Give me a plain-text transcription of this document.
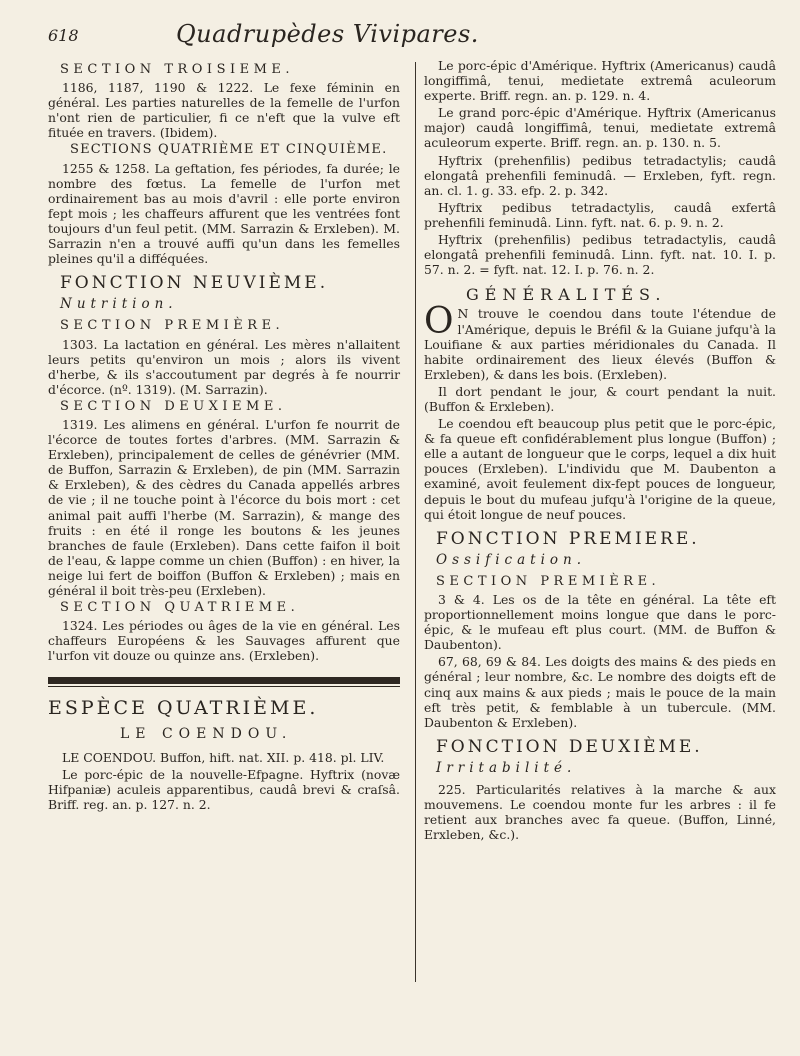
618	Quadrupèdes Vivipares.
SECTION TROISIEME.

1186, 1187, 1190 & 1222. Le fexe féminin en général. Les parties naturelles de la femelle de l'urfon n'ont rien de particulier, fi ce n'eft que la vulve eft fituée en travers. (Ibidem).

SECTIONS QUATRIÈME ET CINQUIÈME.

1255 & 1258. La geftation, fes périodes, fa durée; le nombre des fœtus. La femelle de l'urfon met ordinairement bas au mois d'avril : elle porte environ fept mois ; les chaffeurs affurent que les ventrées font toujours d'un feul petit. (MM. Sarrazin & Erxleben). M. Sarrazin n'en a trouvé auffi qu'un dans les femelles pleines qu'il a difféquées.

FONCTION NEUVIÈME.
Nutrition.
SECTION PREMIÈRE.

1303. La lactation en général. Les mères n'allaitent leurs petits qu'environ un mois ; alors ils vivent d'herbe, & ils s'accoutument par degrés à fe nourrir d'écorce. (nº. 1319). (M. Sarrazin).

SECTION DEUXIEME.

1319. Les alimens en général. L'urfon fe nourrit de l'écorce de toutes fortes d'arbres. (MM. Sarrazin & Erxleben), principalement de celles de génévrier (MM. de Buffon, Sarrazin & Erxleben), de pin (MM. Sarrazin & Erxleben), & des cèdres du Canada appellés arbres de vie ; il ne touche point à l'écorce du bois mort : cet animal pait auffi l'herbe (M. Sarrazin), & mange des fruits : en été il ronge les boutons & les jeunes branches de faule (Erxleben). Dans cette faifon il boit de l'eau, & lappe comme un chien (Buffon) : en hiver, la neige lui fert de boiffon (Buffon & Erxleben) ; mais en général il boit très-peu (Erxleben).

SECTION QUATRIEME.

1324. Les périodes ou âges de la vie en général. Les chaffeurs Européens & les Sauvages affurent que l'urfon vit douze ou quinze ans. (Erxleben).

ESPÈCE QUATRIÈME.
LE COENDOU.

LE COENDOU. Buffon, hift. nat. XII. p. 418. pl. LIV.

Le porc-épic de la nouvelle-Efpagne. Hyftrix (novæ Hifpaniæ) aculeis apparentibus, caudâ brevi & craſsâ. Briff. reg. an. p. 127. n. 2.

Le porc-épic d'Amérique. Hyftrix (Americanus) caudâ longiffimâ, tenui, medietate extremâ aculeorum experte. Briff. regn. an. p. 129. n. 4.

Le grand porc-épic d'Amérique. Hyftrix (Americanus major) caudâ longiffimâ, tenui, medietate extremâ aculeorum experte. Briff. regn. an. p. 130. n. 5.

Hyftrix (prehenfilis) pedibus tetradactylis; caudâ elongatâ prehenfili feminudâ. — Erxleben, fyft. regn. an. cl. 1. g. 33. efp. 2. p. 342.

Hyftrix pedibus tetradactylis, caudâ exfertâ prehenfili feminudâ. Linn. fyft. nat. 6. p. 9. n. 2.

Hyftrix (prehenfilis) pedibus tetradactylis, caudâ elongatâ prehenfili feminudâ. Linn. fyft. nat. 10. I. p. 57. n. 2. = fyft. nat. 12. I. p. 76. n. 2.

GÉNÉRALITÉS.

O N trouve le coendou dans toute l'étendue de l'Amérique, depuis le Bréfil & la Guiane jufqu'à la Louifiane & aux parties méridionales du Canada. Il habite ordinairement des lieux élevés (Buffon & Erxleben), & dans les bois. (Erxleben).

Il dort pendant le jour, & court pendant la nuit. (Buffon & Erxleben).

Le coendou eft beaucoup plus petit que le porc-épic, & fa queue eft confidérablement plus longue (Buffon) ; elle a autant de longueur que le corps, lequel a dix huit pouces (Erxleben). L'individu que M. Daubenton a examiné, avoit feulement dix-fept pouces de longueur, depuis le bout du mufeau jufqu'à l'origine de la queue, qui étoit longue de neuf pouces.

FONCTION PREMIERE.
Ossification.
SECTION PREMIÈRE.

3 & 4. Les os de la tête en général. La tête eft proportionnellement moins longue que dans le porc-épic, & le mufeau eft plus court. (MM. de Buffon & Daubenton).

67, 68, 69 & 84. Les doigts des mains & des pieds en général ; leur nombre, &c. Le nombre des doigts eft de cinq aux mains & aux pieds ; mais le pouce de la main eft très petit, & femblable à un tubercule. (MM. Daubenton & Erxleben).

FONCTION DEUXIÈME.
Irritabilité.

225. Particularités relatives à la marche & aux mouvemens. Le coendou monte fur les arbres : il fe retient aux branches avec fa queue. (Buffon, Linné, Erxleben, &c.).
